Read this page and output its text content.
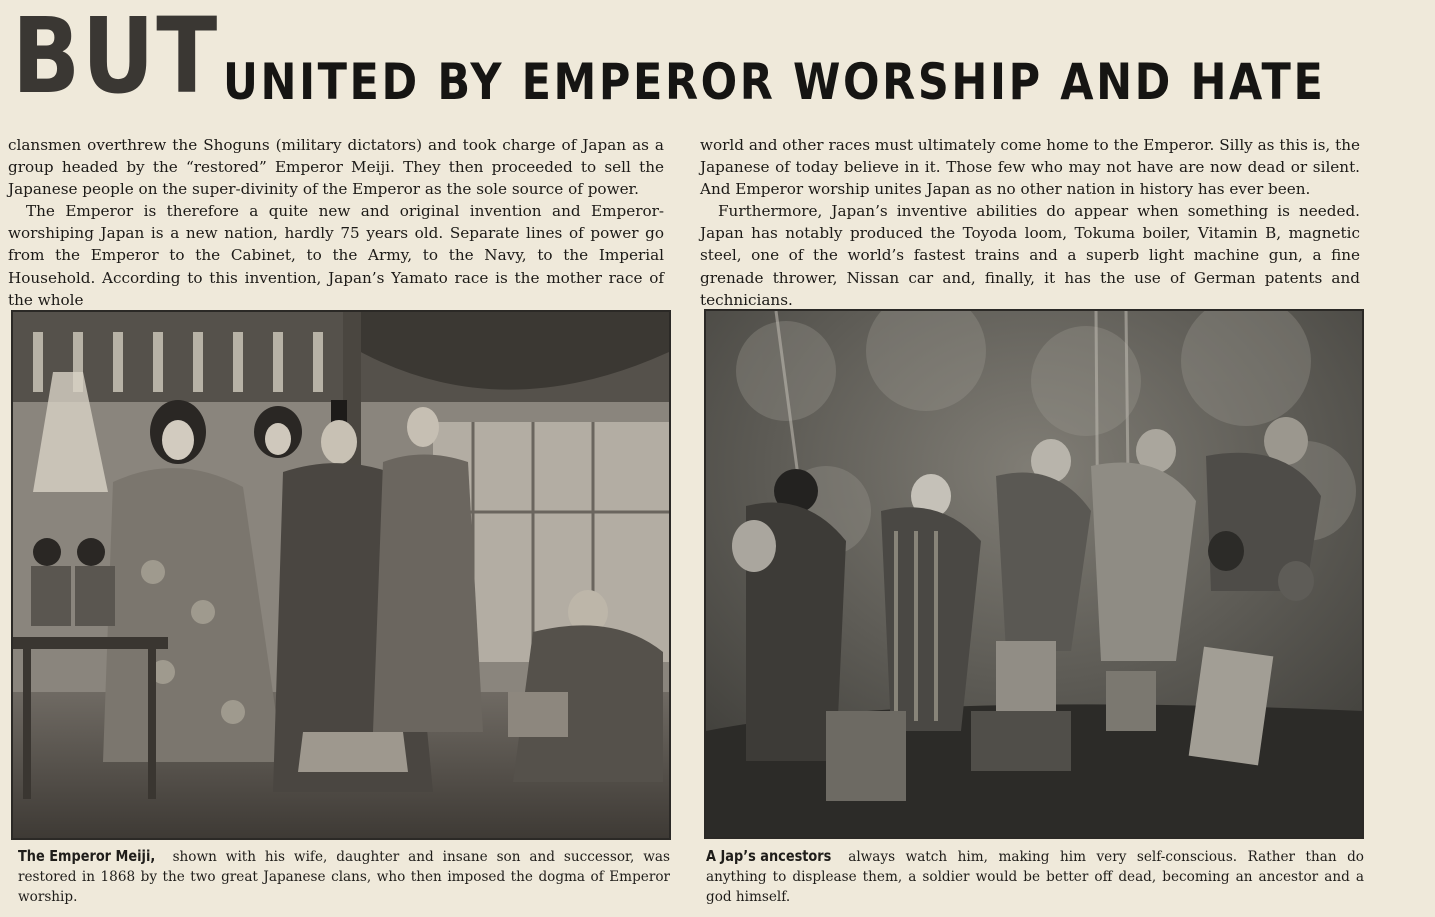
BUT UNITED BY EMPEROR WORSHIP AND HATE

clansmen overthrew the Shoguns (military dictators) and took charge of Japan as a group headed by the “restored” Emperor Meiji. They then proceeded to sell the Japanese people on the super-divinity of the Emperor as the sole source of power.

The Emperor is therefore a quite new and original invention and Emperor-worshiping Japan is a new nation, hardly 75 years old. Separate lines of power go from the Emperor to the Cabinet, to the Army, to the Navy, to the Imperial Household. According to this invention, Japan’s Yamato race is the mother race of the whole

world and other races must ultimately come home to the Emperor. Silly as this is, the Japanese of today believe in it. Those few who may not have are now dead or silent. And Emperor worship unites Japan as no other nation in history has ever been.

Furthermore, Japan’s inventive abilities do appear when something is needed. Japan has notably produced the Toyoda loom, Tokuma boiler, Vitamin B, magnetic steel, one of the world’s fastest trains and a superb light machine gun, a fine grenade thrower, Nissan car and, finally, it has the use of German patents and technicians.

The Emperor Meiji, shown with his wife, daughter and insane son and successor, was restored in 1868 by the two great Japanese clans, who then imposed the dogma of Emperor worship.
A Jap’s ancestors always watch him, making him very self-conscious. Rather than do anything to displease them, a soldier would be better off dead, becoming an ancestor and a god himself.
